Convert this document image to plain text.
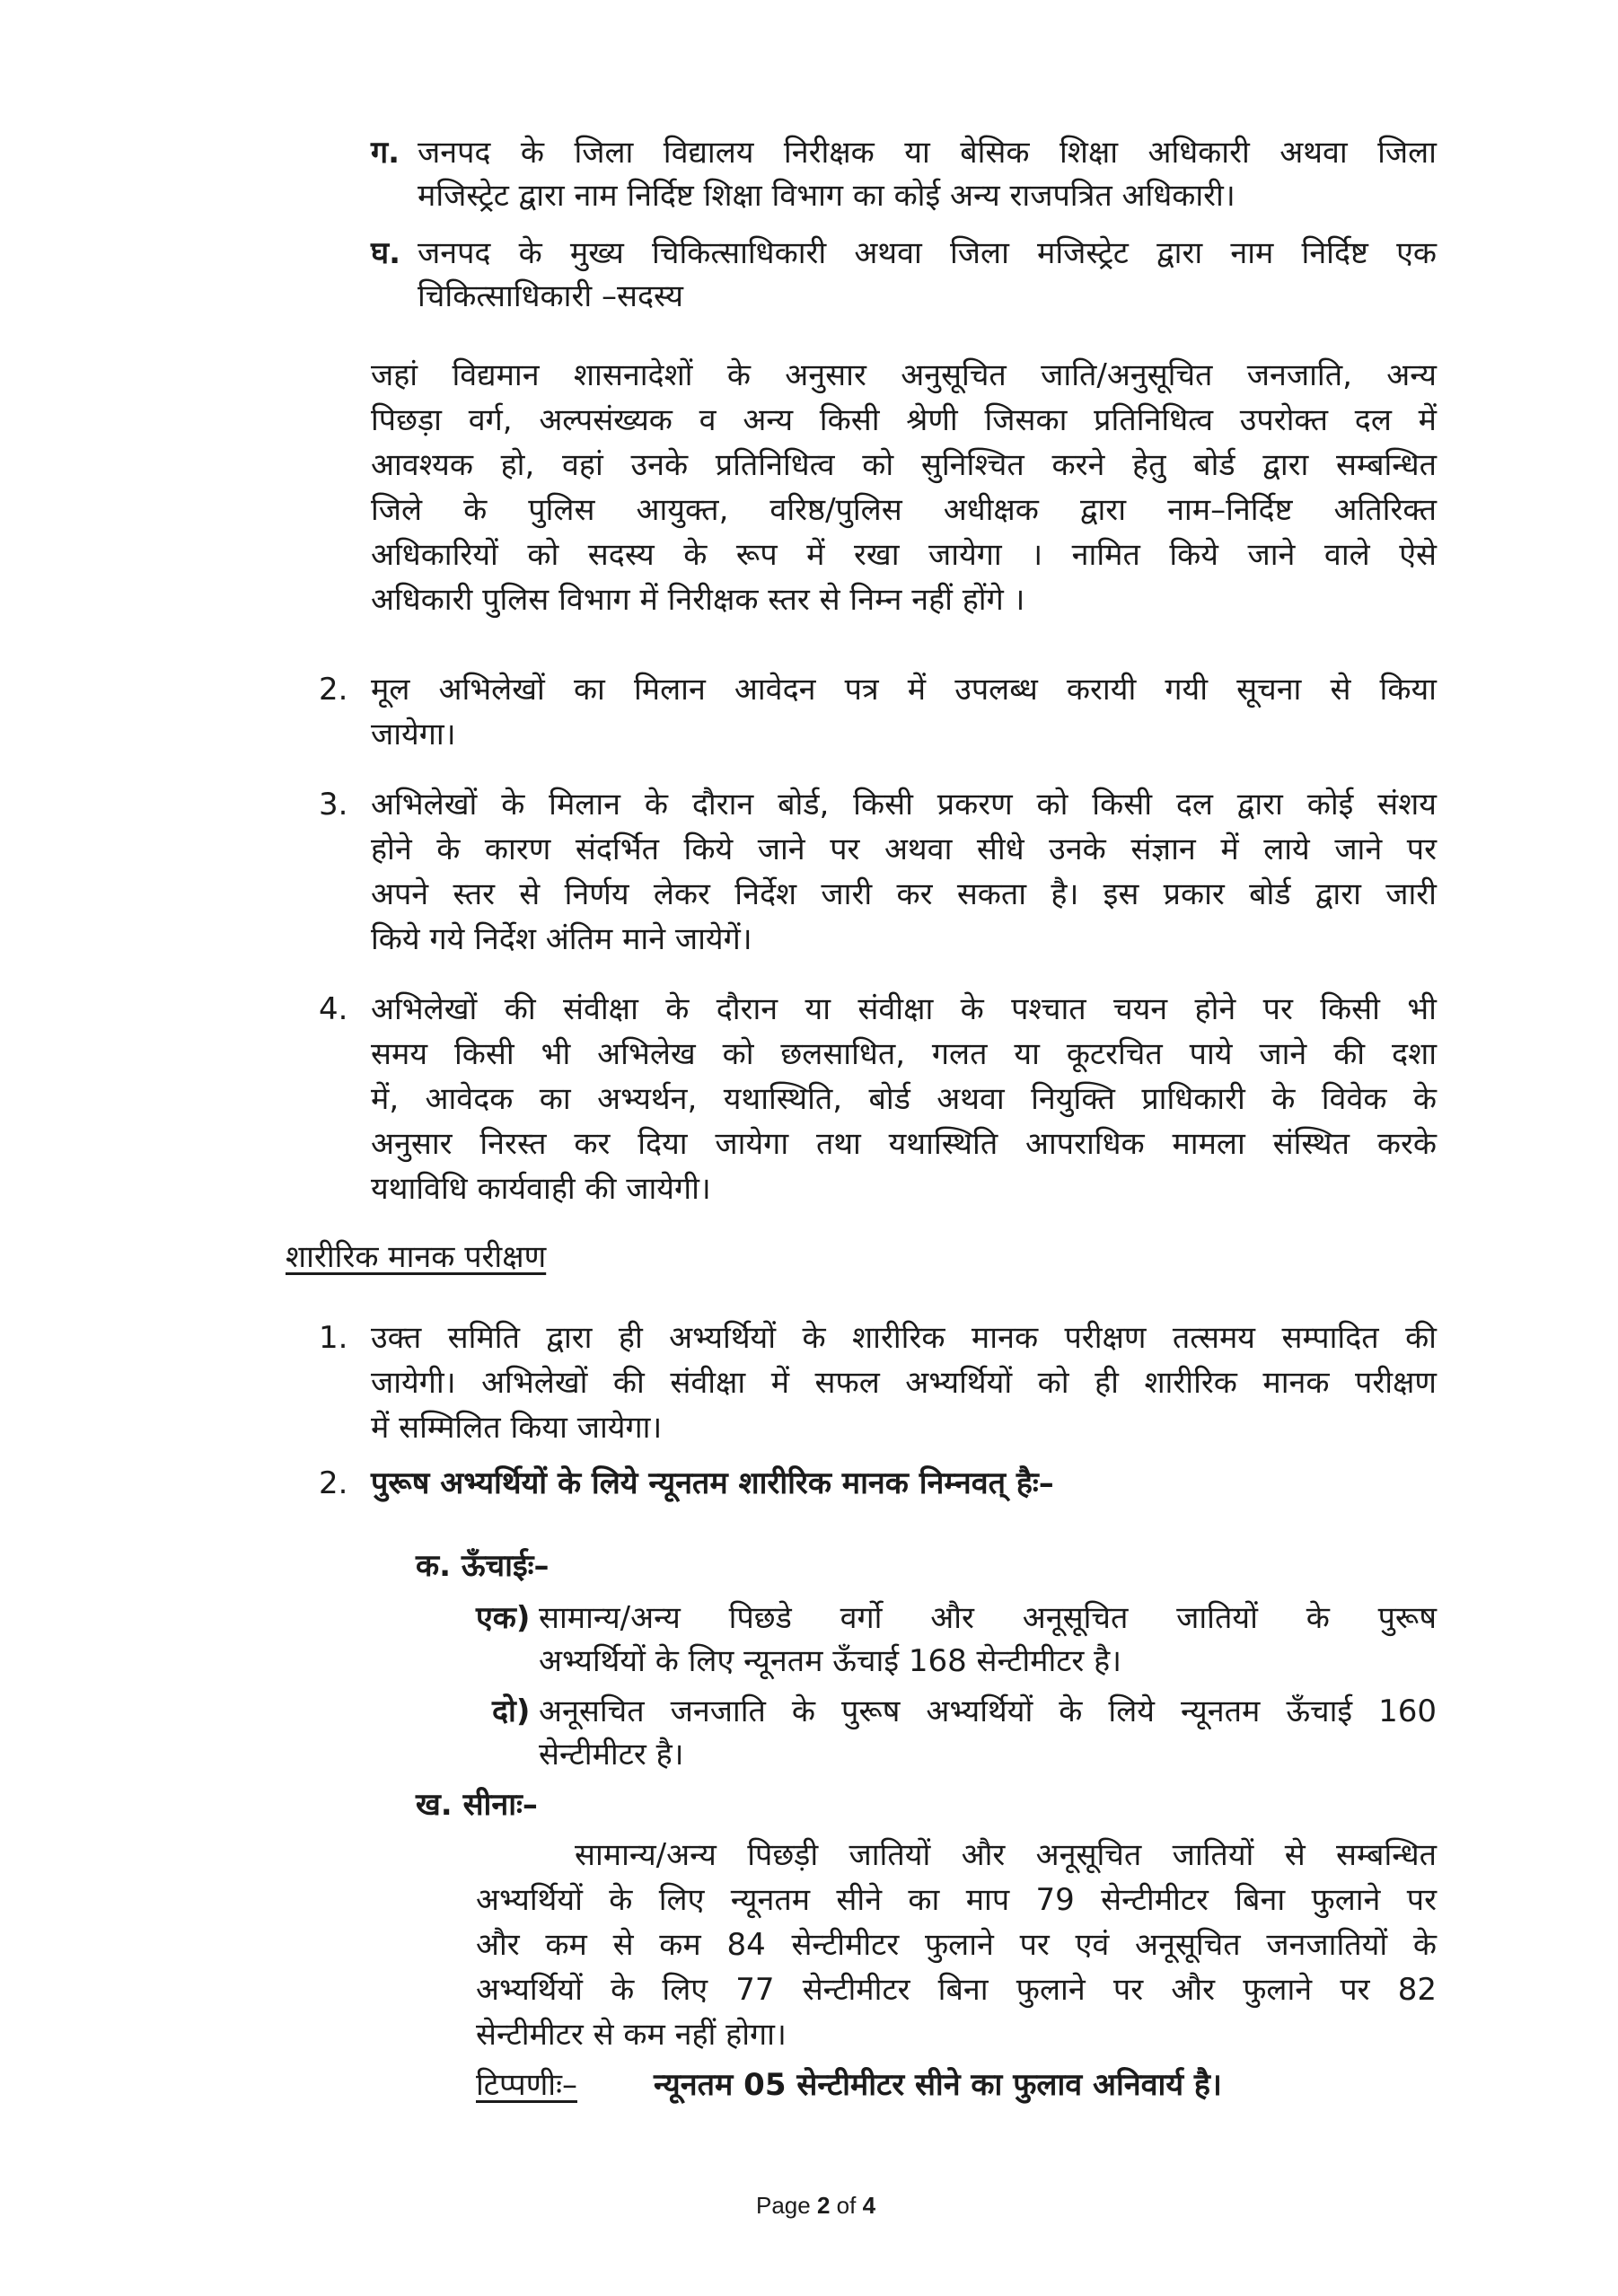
ग. जनपद के जिला विद्यालय निरीक्षक या बेसिक शिक्षा अधिकारी अथवा जिला
मजिस्ट्रेट द्वारा नाम निर्दिष्ट शिक्षा विभाग का कोई अन्य राजपत्रित अधिकारी।
घ. जनपद के मुख्य चिकित्साधिकारी अथवा जिला मजिस्ट्रेट द्वारा नाम निर्दिष्ट एक
चिकित्साधिकारी –सदस्य
जहां विद्यमान शासनादेशों के अनुसार अनुसूचित जाति/अनुसूचित जनजाति, अन्य
पिछड़ा वर्ग, अल्पसंख्यक व अन्य किसी श्रेणी जिसका प्रतिनिधित्व उपरोक्त दल में
आवश्यक हो, वहां उनके प्रतिनिधित्व को सुनिश्चित करने हेतु बोर्ड द्वारा सम्बन्धित
जिले के पुलिस आयुक्त, वरिष्ठ/पुलिस अधीक्षक द्वारा नाम–निर्दिष्ट अतिरिक्त
अधिकारियों को सदस्य के रूप में रखा जायेगा । नामित किये जाने वाले ऐसे
अधिकारी पुलिस विभाग में निरीक्षक स्तर से निम्न नहीं होंगे ।
2. मूल अभिलेखों का मिलान आवेदन पत्र में उपलब्ध करायी गयी सूचना से किया
जायेगा।
3. अभिलेखों के मिलान के दौरान बोर्ड, किसी प्रकरण को किसी दल द्वारा कोई संशय
होने के कारण संदर्भित किये जाने पर अथवा सीधे उनके संज्ञान में लाये जाने पर
अपने स्तर से निर्णय लेकर निर्देश जारी कर सकता है। इस प्रकार बोर्ड द्वारा जारी
किये गये निर्देश अंतिम माने जायेगें।
4. अभिलेखों की संवीक्षा के दौरान या संवीक्षा के पश्चात चयन होने पर किसी भी
समय किसी भी अभिलेख को छलसाधित, गलत या कूटरचित पाये जाने की दशा
में, आवेदक का अभ्यर्थन, यथास्थिति, बोर्ड अथवा नियुक्ति प्राधिकारी के विवेक के
अनुसार निरस्त कर दिया जायेगा तथा यथास्थिति आपराधिक मामला संस्थित करके
यथाविधि कार्यवाही की जायेगी।
शारीरिक मानक परीक्षण
1. उक्त समिति द्वारा ही अभ्यर्थियों के शारीरिक मानक परीक्षण तत्समय सम्पादित की
जायेगी। अभिलेखों की संवीक्षा में सफल अभ्यर्थियों को ही शारीरिक मानक परीक्षण
में सम्मिलित किया जायेगा।
2. पुरूष अभ्यर्थियों के लिये न्यूनतम शारीरिक मानक निम्नवत् हैः–
क. ऊँचाईः–
एक) सामान्य/अन्य पिछडे वर्गो और अनूसूचित जातियों के पुरूष
अभ्यर्थियों के लिए न्यूनतम ऊँचाई 168 सेन्टीमीटर है।
दो) अनूसचित जनजाति के पुरूष अभ्यर्थियों के लिये न्यूनतम ऊँचाई 160
सेन्टीमीटर है।
ख. सीनाः–
सामान्य/अन्य पिछड़ी जातियों और अनूसूचित जातियों से सम्बन्धित
अभ्यर्थियों के लिए न्यूनतम सीने का माप 79 सेन्टीमीटर बिना फुलाने पर
और कम से कम 84 सेन्टीमीटर फुलाने पर एवं अनूसूचित जनजातियों के
अभ्यर्थियों के लिए 77 सेन्टीमीटर बिना फुलाने पर और फुलाने पर 82
सेन्टीमीटर से कम नहीं होगा।
टिप्पणीः–	न्यूनतम 05 सेन्टीमीटर सीने का फुलाव अनिवार्य है।
Page 2 of 4
